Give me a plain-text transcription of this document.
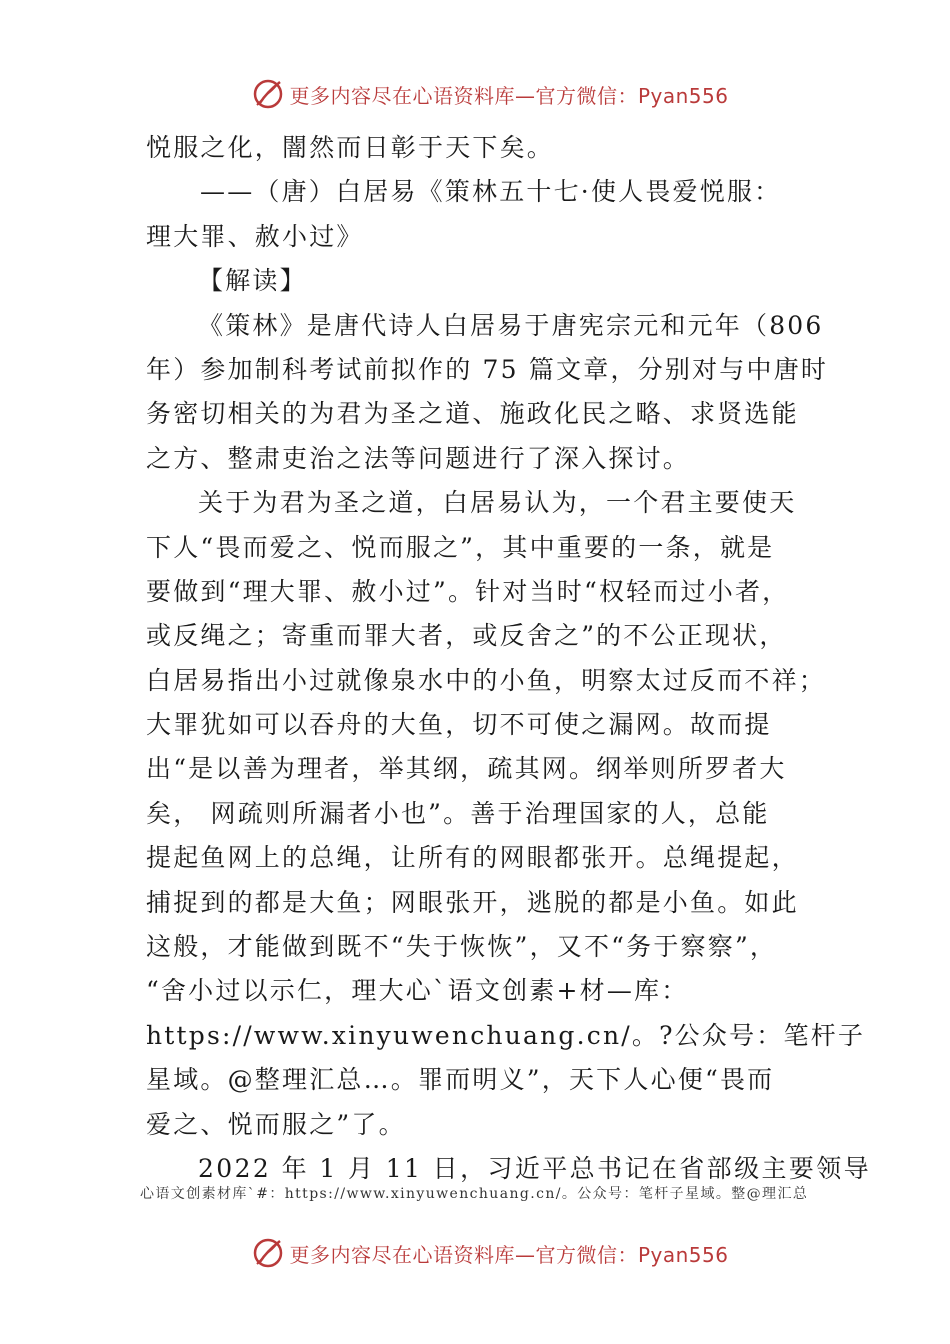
更多内容尽在心语资料库—官方微信：Pyan556
悦服之化，闇然而日彰于天下矣。
——（唐）白居易《策林五十七·使人畏爱悦服：
理大罪、赦小过》
【解读】
《策林》是唐代诗人白居易于唐宪宗元和元年（806
年）参加制科考试前拟作的 75 篇文章，分别对与中唐时
务密切相关的为君为圣之道、施政化民之略、求贤选能
之方、整肃吏治之法等问题进行了深入探讨。
关于为君为圣之道，白居易认为，一个君主要使天
下人“畏而爱之、悦而服之”，其中重要的一条，就是
要做到“理大罪、赦小过”。针对当时“权轻而过小者，
或反绳之；寄重而罪大者，或反舍之”的不公正现状，
白居易指出小过就像泉水中的小鱼，明察太过反而不祥；
大罪犹如可以吞舟的大鱼，切不可使之漏网。故而提
出“是以善为理者，举其纲，疏其网。纲举则所罗者大
矣， 网疏则所漏者小也”。善于治理国家的人，总能
提起鱼网上的总绳，让所有的网眼都张开。总绳提起，
捕捉到的都是大鱼；网眼张开，逃脱的都是小鱼。如此
这般，才能做到既不“失于恢恢”，又不“务于察察”，
“舍小过以示仁，理大心`语文创素+材—库：
https://www.xinyuwenchuang.cn/。?公众号：笔杆子
星域。@整理汇总…。罪而明义”，天下人心便“畏而
爱之、悦而服之”了。
2022 年 1 月 11 日，习近平总书记在省部级主要领导
心语文创素材库`#：https://www.xinyuwenchuang.cn/。公众号：笔杆子星域。整@理汇总
更多内容尽在心语资料库—官方微信：Pyan556
